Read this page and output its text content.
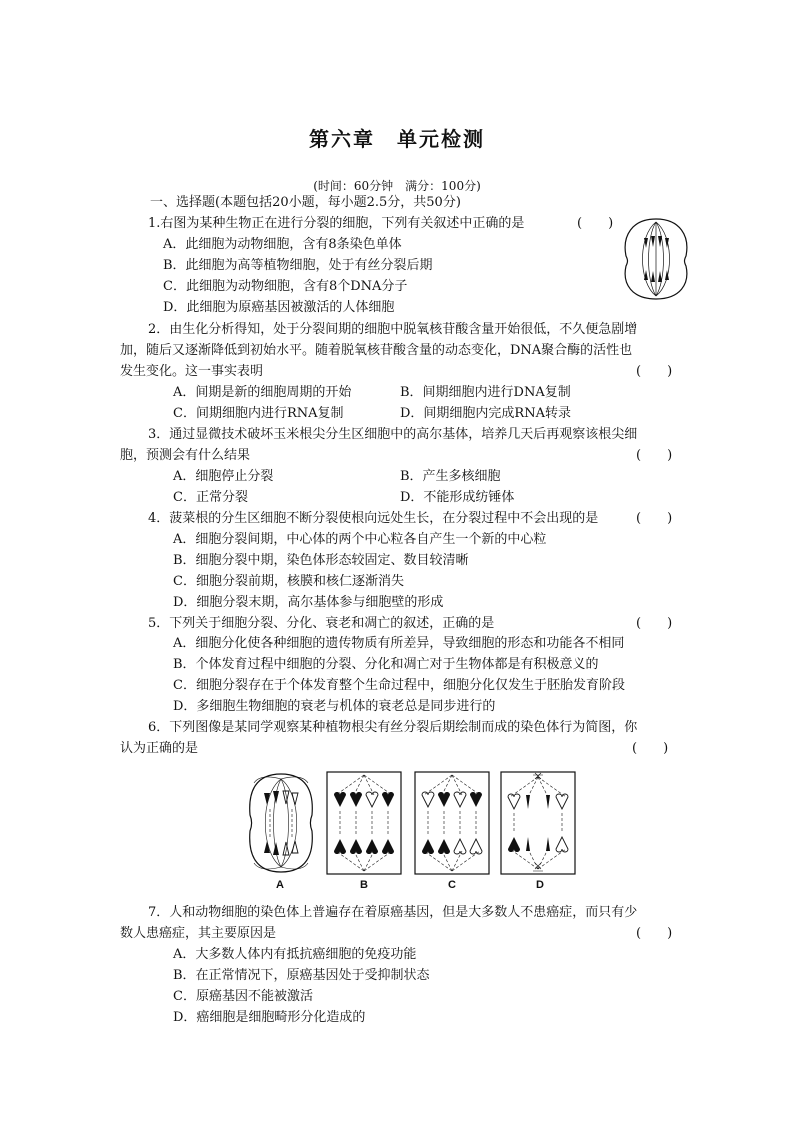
第六章　单元检测
(时间：60分钟　满分：100分)
一、选择题(本题包括20小题，每小题2.5分，共50分)
1.右图为某种生物正在进行分裂的细胞，下列有关叙述中正确的是	(　　)
A．此细胞为动物细胞，含有8条染色单体
B．此细胞为高等植物细胞，处于有丝分裂后期
C．此细胞为动物细胞，含有8个DNA分子
D．此细胞为原癌基因被激活的人体细胞
2．由生化分析得知，处于分裂间期的细胞中脱氧核苷酸含量开始很低，不久便急剧增
加，随后又逐渐降低到初始水平。随着脱氧核苷酸含量的动态变化，DNA聚合酶的活性也
发生变化。这一事实表明	(　　)
A．间期是新的细胞周期的开始	B．间期细胞内进行DNA复制
C．间期细胞内进行RNA复制	D．间期细胞内完成RNA转录
3．通过显微技术破坏玉米根尖分生区细胞中的高尔基体，培养几天后再观察该根尖细
胞，预测会有什么结果	(　　)
A．细胞停止分裂	B．产生多核细胞
C．正常分裂	D．不能形成纺锤体
4．菠菜根的分生区细胞不断分裂使根向远处生长，在分裂过程中不会出现的是	(　　)
A．细胞分裂间期，中心体的两个中心粒各自产生一个新的中心粒
B．细胞分裂中期，染色体形态较固定、数目较清晰
C．细胞分裂前期，核膜和核仁逐渐消失
D．细胞分裂末期，高尔基体参与细胞壁的形成
5．下列关于细胞分裂、分化、衰老和凋亡的叙述，正确的是	(　　)
A．细胞分化使各种细胞的遗传物质有所差异，导致细胞的形态和功能各不相同
B．个体发育过程中细胞的分裂、分化和凋亡对于生物体都是有积极意义的
C．细胞分裂存在于个体发育整个生命过程中，细胞分化仅发生于胚胎发育阶段
D．多细胞生物细胞的衰老与机体的衰老总是同步进行的
6．下列图像是某同学观察某种植物根尖有丝分裂后期绘制而成的染色体行为简图，你
认为正确的是	(　　)
A	B	C	D
7．人和动物细胞的染色体上普遍存在着原癌基因，但是大多数人不患癌症，而只有少
数人患癌症，其主要原因是	(　　)
A．大多数人体内有抵抗癌细胞的免疫功能
B．在正常情况下，原癌基因处于受抑制状态
C．原癌基因不能被激活
D．癌细胞是细胞畸形分化造成的
